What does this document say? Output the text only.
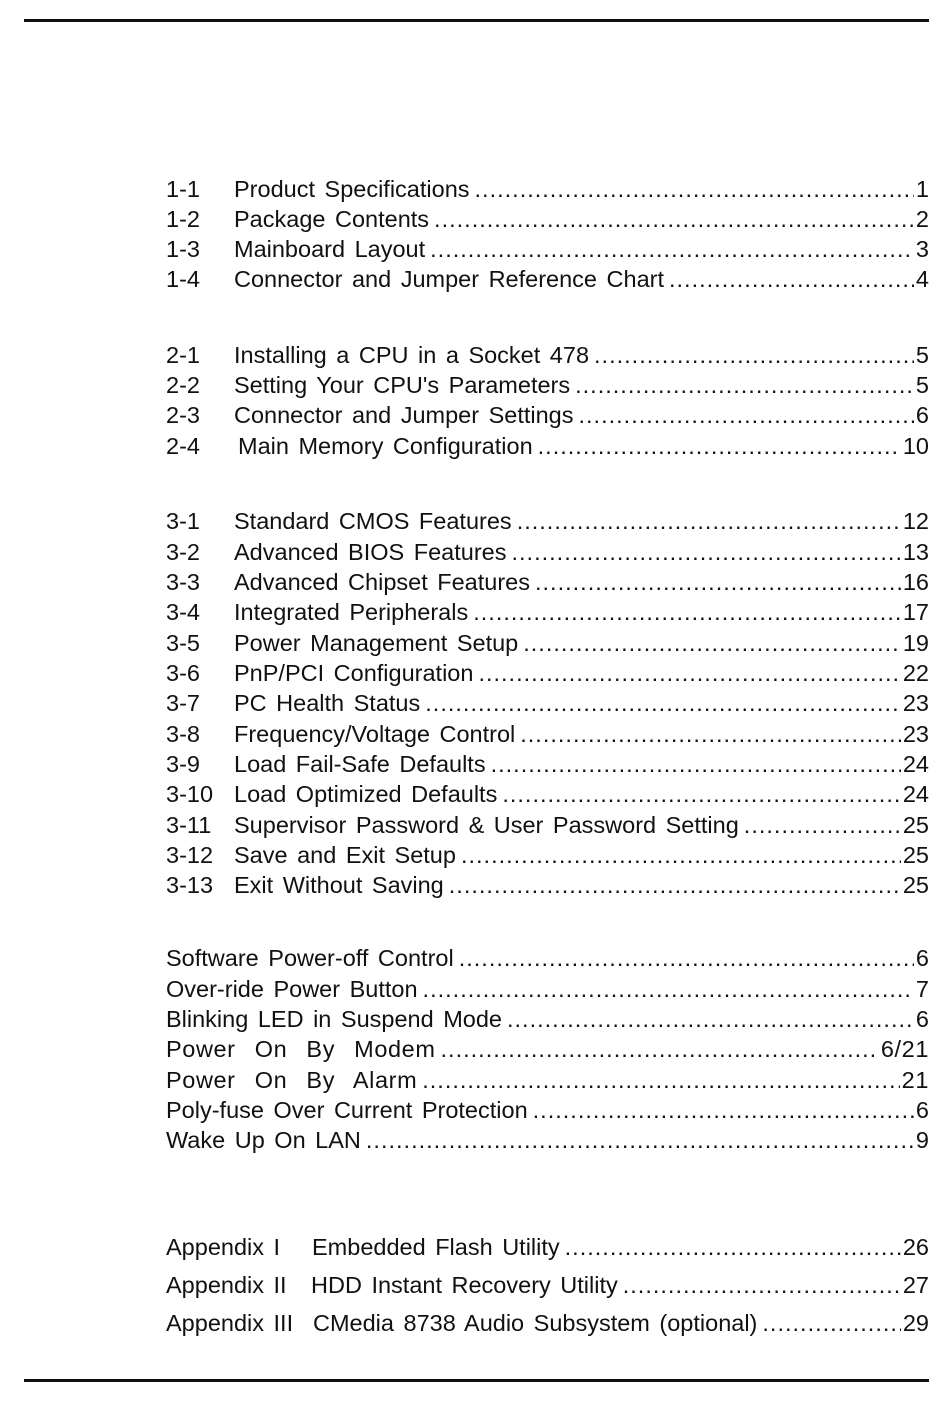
1-1	Product Specifications .....	1
1-2	Package Contents .....	2
1-3	Mainboard Layout .....	3
1-4	Connector and Jumper Reference Chart .....	4
2-1	Installing a CPU in a Socket 478 .....	5
2-2	Setting Your CPU's Parameters .....	5
2-3	Connector and Jumper Settings .....	6
2-4	Main Memory Configuration .....	10
3-1	Standard CMOS Features .....	12
3-2	Advanced BIOS Features .....	13
3-3	Advanced Chipset Features .....	16
3-4	Integrated Peripherals .....	17
3-5	Power Management Setup .....	19
3-6	PnP/PCI Configuration .....	22
3-7	PC Health Status .....	23
3-8	Frequency/Voltage Control .....	23
3-9	Load Fail-Safe Defaults .....	24
3-10 Load Optimized Defaults .....	24
3-11 Supervisor Password & User Password Setting .....	25
3-12 Save and Exit Setup .....	25
3-13 Exit Without Saving .....	25
Software Power-off Control .....	6
Over-ride Power Button .....	7
Blinking LED in Suspend Mode .....	6
Power On By Modem .....	6/21
Power On By Alarm .....	21
Poly-fuse Over Current Protection .....	6
Wake Up On LAN .....	9
Appendix I	Embedded Flash Utility .....	26
Appendix II	HDD Instant Recovery Utility .....	27
Appendix III CMedia 8738 Audio Subsystem (optional) .....	29
